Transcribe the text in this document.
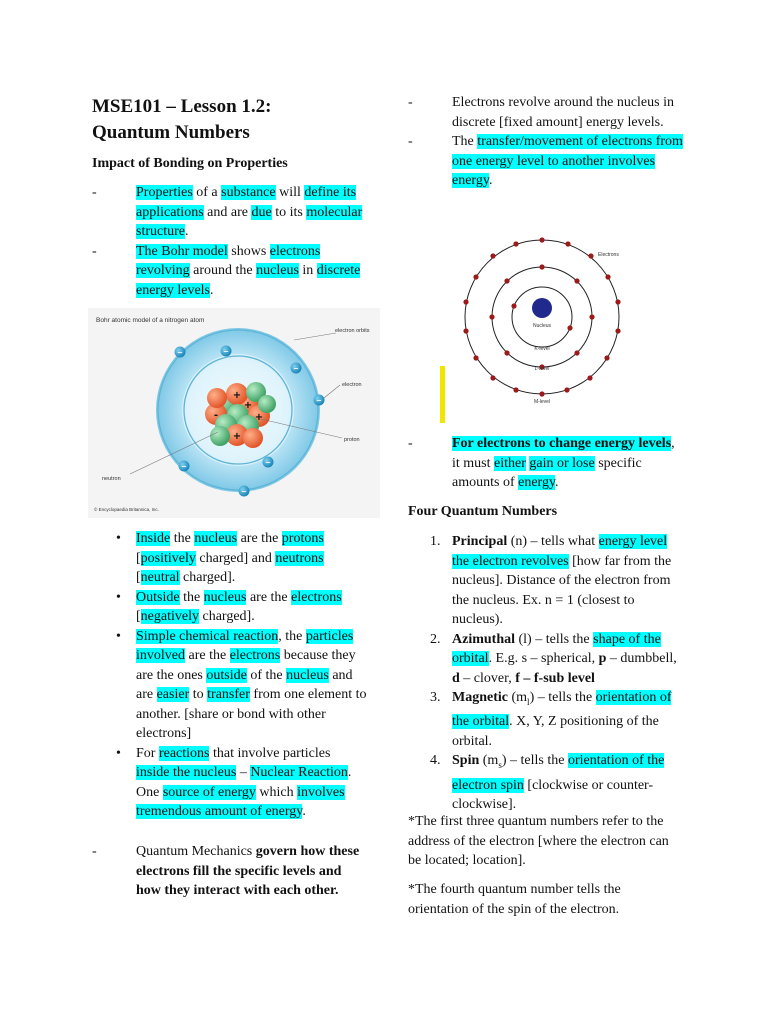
MSE101 – Lesson 1.2:
Quantum Numbers
Impact of Bonding on Properties
- Properties of a substance will define its applications and are due to its molecular structure.
- The Bohr model shows electrons revolving around the nucleus in discrete energy levels.
Bohr atomic model of a nitrogen atom
+
+
+
+
-
−	−
−
−
−
−
−
electron orbits
electron
proton
neutron
© Encyclopaedia Britannica, Inc.
• Inside the nucleus are the protons [positively charged] and neutrons [neutral charged].
• Outside the nucleus are the electrons [negatively charged].
• Simple chemical reaction, the particles involved are the electrons because they are the ones outside of the nucleus and are easier to transfer from one element to another. [share or bond with other electrons]
• For reactions that involve particles inside the nucleus – Nuclear Reaction. One source of energy which involves tremendous amount of energy.
- Quantum Mechanics govern how these electrons fill the specific levels and how they interact with each other.
- Electrons revolve around the nucleus in discrete [fixed amount] energy levels.
- The transfer/movement of electrons from one energy level to another involves energy.
Electrons
Nucleus
K-level
L-level
M-level
- For electrons to change energy levels, it must either gain or lose specific amounts of energy.
Four Quantum Numbers
1. Principal (n) – tells what energy level the electron revolves [how far from the nucleus]. Distance of the electron from the nucleus. Ex. n = 1 (closest to nucleus).
2. Azimuthal (l) – tells the shape of the orbital. E.g. s – spherical, p – dumbbell, d – clover, f – f-sub level
3. Magnetic $(m_l)$ – tells the orientation of the orbital. X, Y, Z positioning of the orbital.
4. Spin $(m_s)$ – tells the orientation of the electron spin [clockwise or counter-clockwise].

*The first three quantum numbers refer to the address of the electron [where the electron can be located; location].

*The fourth quantum number tells the orientation of the spin of the electron.
